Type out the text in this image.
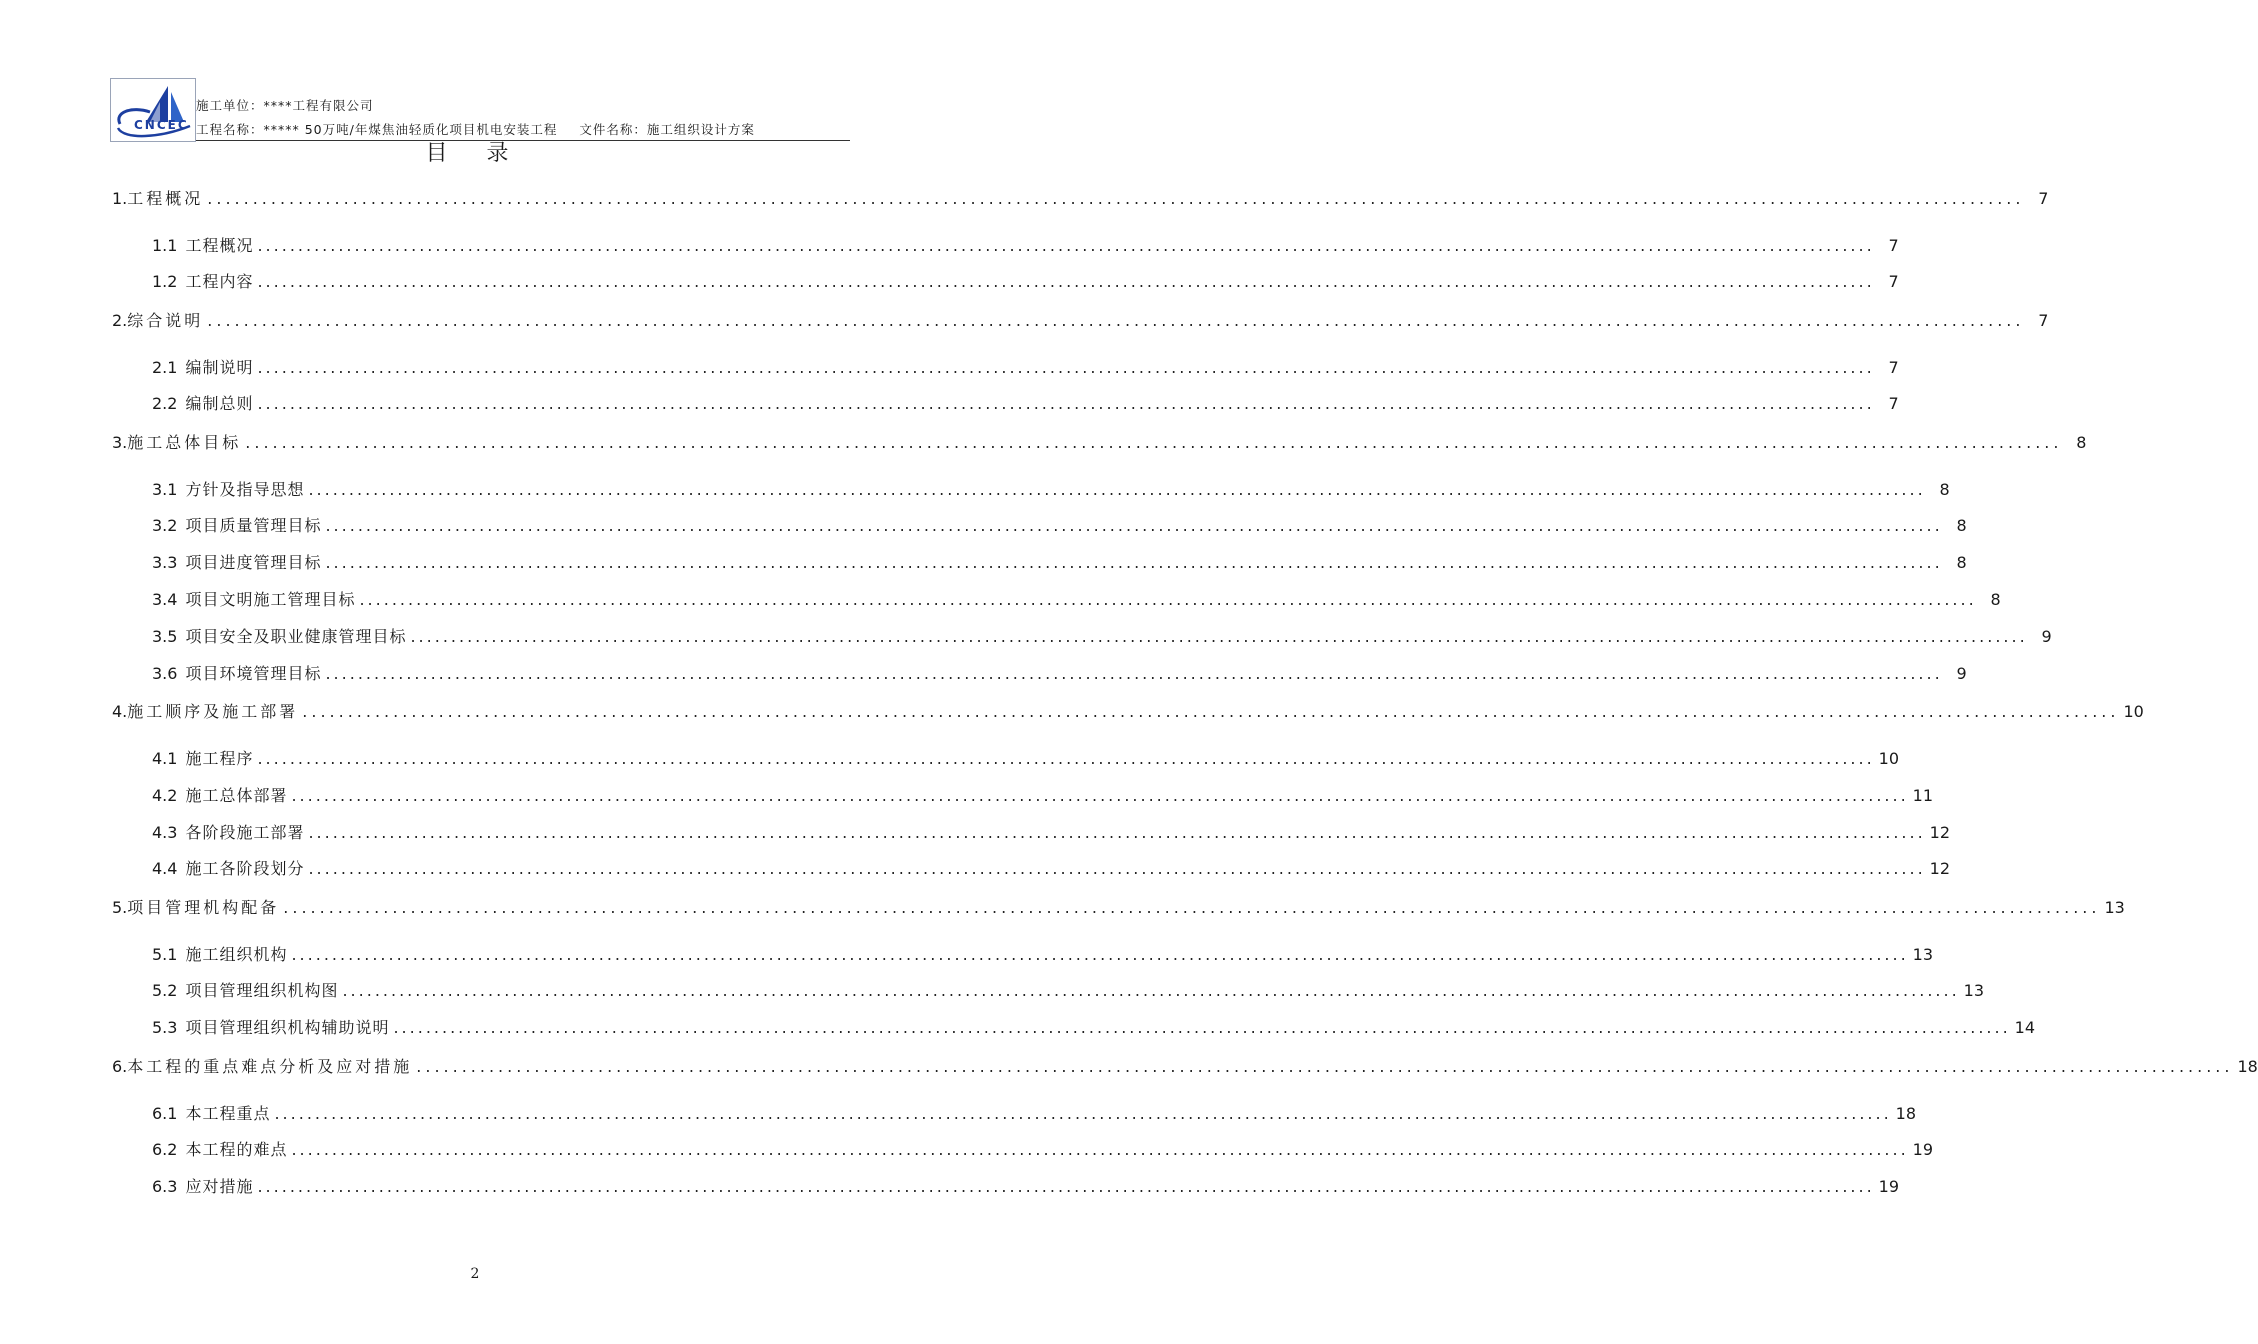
CNCEC
施工单位：****工程有限公司
工程名称：***** 50万吨/年煤焦油轻质化项目机电安装工程 文件名称：施工组织设计方案
目 录
1. 工程概况 ........................................................................................................................................................................................................ 7
1.1 工程概况 ........................................................................................................................................................................................................ 7
1.2 工程内容 ........................................................................................................................................................................................................ 7
2. 综合说明 ........................................................................................................................................................................................................ 7
2.1 编制说明 ........................................................................................................................................................................................................ 7
2.2 编制总则 ........................................................................................................................................................................................................ 7
3. 施工总体目标 ........................................................................................................................................................................................................ 8
3.1 方针及指导思想 ........................................................................................................................................................................................................ 8
3.2 项目质量管理目标 ........................................................................................................................................................................................................ 8
3.3 项目进度管理目标 ........................................................................................................................................................................................................ 8
3.4 项目文明施工管理目标 ........................................................................................................................................................................................................ 8
3.5 项目安全及职业健康管理目标 ........................................................................................................................................................................................................ 9
3.6 项目环境管理目标 ........................................................................................................................................................................................................ 9
4. 施工顺序及施工部署 ........................................................................................................................................................................................................ 10
4.1 施工程序 ........................................................................................................................................................................................................ 10
4.2 施工总体部署 ........................................................................................................................................................................................................ 11
4.3 各阶段施工部署 ........................................................................................................................................................................................................ 12
4.4 施工各阶段划分 ........................................................................................................................................................................................................ 12
5. 项目管理机构配备 ........................................................................................................................................................................................................ 13
5.1 施工组织机构 ........................................................................................................................................................................................................ 13
5.2 项目管理组织机构图 ........................................................................................................................................................................................................ 13
5.3 项目管理组织机构辅助说明 ........................................................................................................................................................................................................ 14
6. 本工程的重点难点分析及应对措施 ........................................................................................................................................................................................................ 18
6.1 本工程重点 ........................................................................................................................................................................................................ 18
6.2 本工程的难点 ........................................................................................................................................................................................................ 19
6.3 应对措施 ........................................................................................................................................................................................................ 19
2
